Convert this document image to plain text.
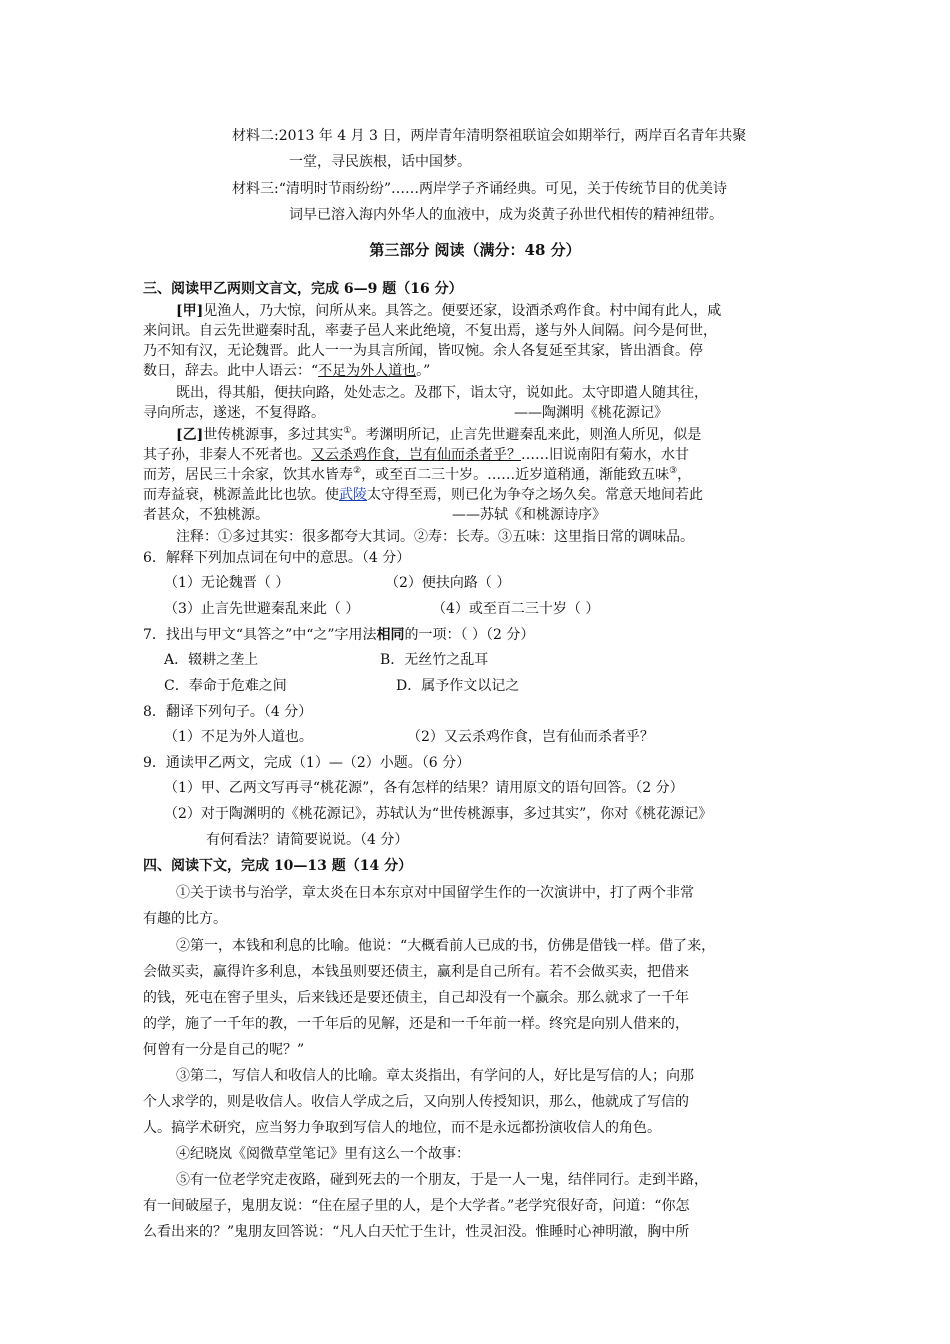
材料二:2013 年 4 月 3 日，两岸青年清明祭祖联谊会如期举行，两岸百名青年共聚
一堂，寻民族根，话中国梦。
材料三:“清明时节雨纷纷”……两岸学子齐诵经典。可见，关于传统节目的优美诗
词早已溶入海内外华人的血液中，成为炎黄子孙世代相传的精神纽带。
第三部分 阅读（满分：48 分）
三、阅读甲乙两则文言文，完成 6—9 题（16 分）
[甲]见渔人，乃大惊，问所从来。具答之。便要还家，设酒杀鸡作食。村中闻有此人，咸
来问讯。自云先世避秦时乱，率妻子邑人来此绝境，不复出焉，遂与外人间隔。问今是何世，
乃不知有汉，无论魏晋。此人一一为具言所闻，皆叹惋。余人各复延至其家，皆出酒食。停
数日，辞去。此中人语云：“不足为外人道也。”
既出，得其船，便扶向路，处处志之。及郡下，诣太守，说如此。太守即遣人随其往，
寻向所志，遂迷，不复得路。	——陶渊明《桃花源记》
[乙]世传桃源事，多过其实①。考渊明所记，止言先世避秦乱来此，则渔人所见，似是
其子孙，非秦人不死者也。又云杀鸡作食，岂有仙而杀者乎？……旧说南阳有菊水，水甘
而芳，居民三十余家，饮其水皆寿②，或至百二三十岁。……近岁道稍通，渐能致五味③，
而寿益衰，桃源盖此比也欤。使武陵太守得至焉，则已化为争夺之场久矣。常意天地间若此
者甚众，不独桃源。	——苏轼《和桃源诗序》
注释：①多过其实：很多都夸大其词。②寿：长寿。③五味：这里指日常的调味品。
6．解释下列加点词在句中的意思。（4 分）
（1）无论魏晋（ ）	（2）便扶向路（ ）
（3）止言先世避秦乱来此（ ）	（4）或至百二三十岁（ ）
7．找出与甲文“具答之”中“之”字用法相同的一项：（ ）（2 分）
A．辍耕之垄上	B．无丝竹之乱耳
C．奉命于危难之间	D．属予作文以记之
8．翻译下列句子。（4 分）
（1）不足为外人道也。	（2）又云杀鸡作食，岂有仙而杀者乎？
9．通读甲乙两文，完成（1）—（2）小题。（6 分）
（1）甲、乙两文写再寻“桃花源”，各有怎样的结果？请用原文的语句回答。（2 分）
（2）对于陶渊明的《桃花源记》，苏轼认为“世传桃源事，多过其实”，你对《桃花源记》
有何看法？请简要说说。（4 分）
四、阅读下文，完成 10—13 题（14 分）
①关于读书与治学，章太炎在日本东京对中国留学生作的一次演讲中，打了两个非常
有趣的比方。
②第一，本钱和利息的比喻。他说：“大概看前人已成的书，仿佛是借钱一样。借了来，
会做买卖，赢得许多利息，本钱虽则要还债主，赢利是自己所有。若不会做买卖，把借来
的钱，死屯在窖子里头，后来钱还是要还债主，自己却没有一个赢余。那么就求了一千年
的学，施了一千年的教，一千年后的见解，还是和一千年前一样。终究是向别人借来的，
何曾有一分是自己的呢？”
③第二，写信人和收信人的比喻。章太炎指出，有学问的人，好比是写信的人；向那
个人求学的，则是收信人。收信人学成之后，又向别人传授知识，那么，他就成了写信的
人。搞学术研究，应当努力争取到写信人的地位，而不是永远都扮演收信人的角色。
④纪晓岚《阅微草堂笔记》里有这么一个故事：
⑤有一位老学究走夜路，碰到死去的一个朋友，于是一人一鬼，结伴同行。走到半路，
有一间破屋子，鬼朋友说：“住在屋子里的人，是个大学者。”老学究很好奇，问道：“你怎
么看出来的？”鬼朋友回答说：“凡人白天忙于生计，性灵汩没。惟睡时心神明澈，胸中所
